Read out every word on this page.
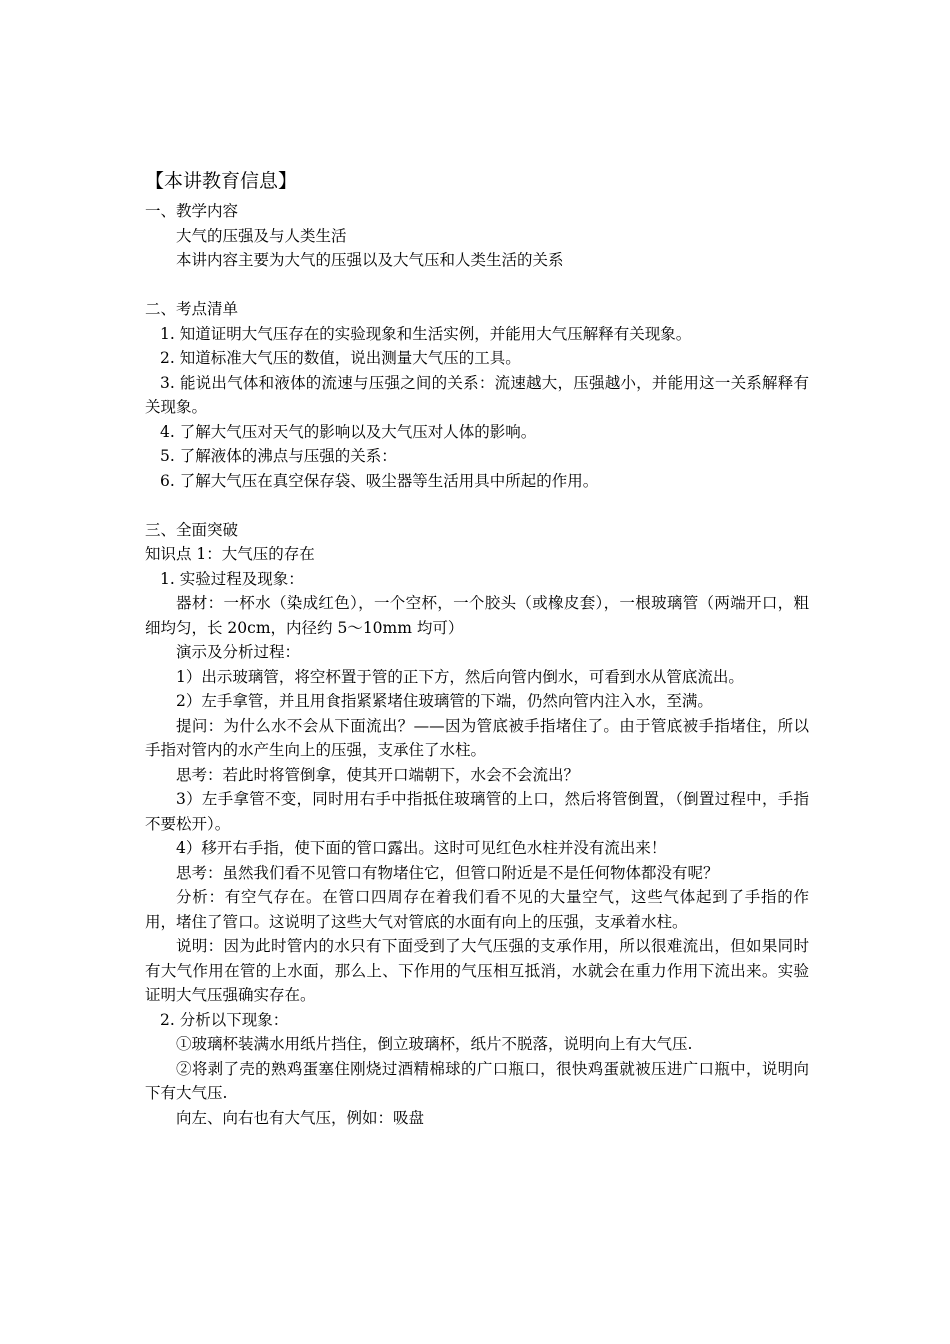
【本讲教育信息】

一、教学内容

大气的压强及与人类生活

本讲内容主要为大气的压强以及大气压和人类生活的关系

二、考点清单

1. 知道证明大气压存在的实验现象和生活实例，并能用大气压解释有关现象。

2. 知道标准大气压的数值，说出测量大气压的工具。

3. 能说出气体和液体的流速与压强之间的关系：流速越大，压强越小，并能用这一关系解释有关现象。

4. 了解大气压对天气的影响以及大气压对人体的影响。

5. 了解液体的沸点与压强的关系：

6. 了解大气压在真空保存袋、吸尘器等生活用具中所起的作用。

三、全面突破

知识点 1：大气压的存在

1. 实验过程及现象：

器材：一杯水（染成红色），一个空杯，一个胶头（或橡皮套），一根玻璃管（两端开口，粗细均匀，长 20cm，内径约 5～10mm 均可）

演示及分析过程：

1）出示玻璃管，将空杯置于管的正下方，然后向管内倒水，可看到水从管底流出。

2）左手拿管，并且用食指紧紧堵住玻璃管的下端，仍然向管内注入水，至满。

提问：为什么水不会从下面流出？——因为管底被手指堵住了。由于管底被手指堵住，所以手指对管内的水产生向上的压强，支承住了水柱。

思考：若此时将管倒拿，使其开口端朝下，水会不会流出？

3）左手拿管不变，同时用右手中指抵住玻璃管的上口，然后将管倒置，（倒置过程中，手指不要松开）。

4）移开右手指，使下面的管口露出。这时可见红色水柱并没有流出来！

思考：虽然我们看不见管口有物堵住它，但管口附近是不是任何物体都没有呢？

分析：有空气存在。在管口四周存在着我们看不见的大量空气，这些气体起到了手指的作用，堵住了管口。这说明了这些大气对管底的水面有向上的压强，支承着水柱。

说明：因为此时管内的水只有下面受到了大气压强的支承作用，所以很难流出，但如果同时有大气作用在管的上水面，那么上、下作用的气压相互抵消，水就会在重力作用下流出来。实验证明大气压强确实存在。

2. 分析以下现象：

①玻璃杯装满水用纸片挡住，倒立玻璃杯，纸片不脱落，说明向上有大气压.

②将剥了壳的熟鸡蛋塞住刚烧过酒精棉球的广口瓶口，很快鸡蛋就被压进广口瓶中，说明向下有大气压.

向左、向右也有大气压，例如：吸盘
